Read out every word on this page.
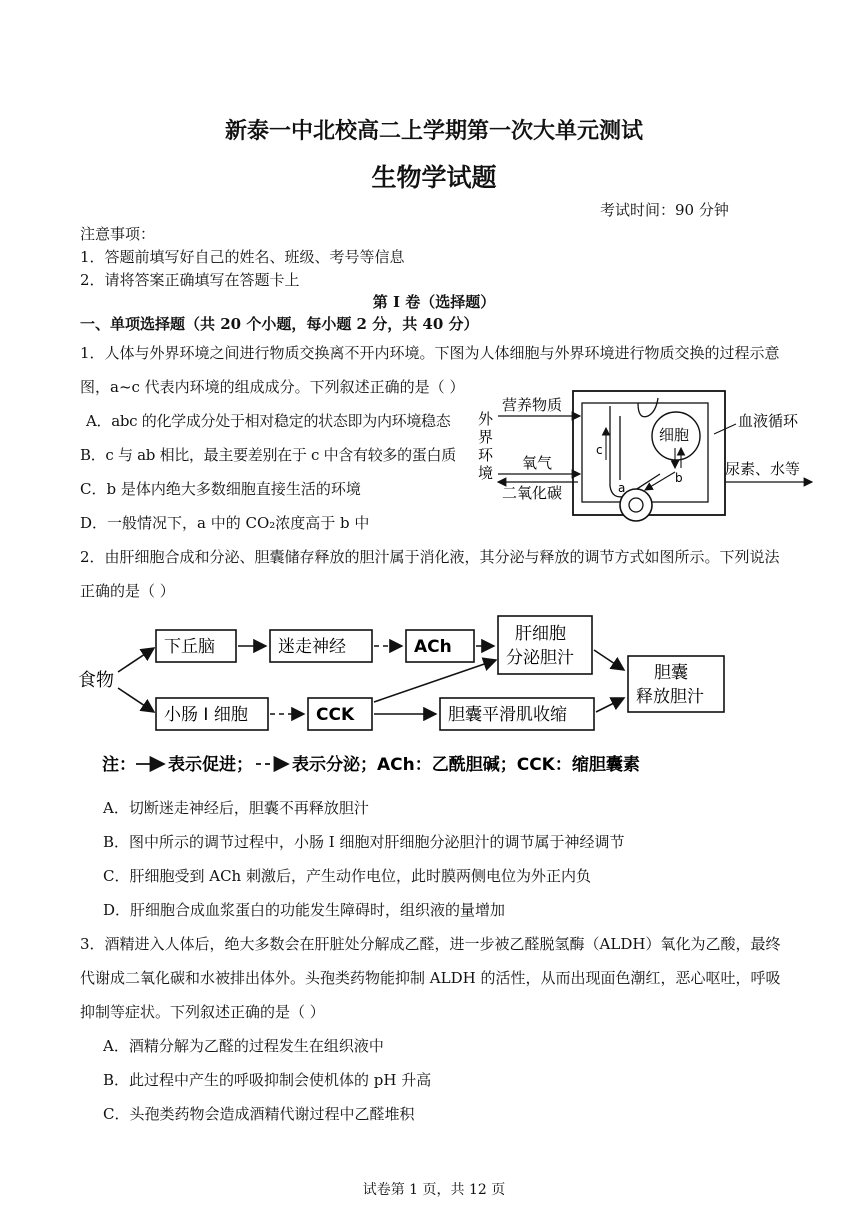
新泰一中北校高二上学期第一次大单元测试
生物学试题
考试时间：90 分钟
注意事项：
1．答题前填写好自己的姓名、班级、考号等信息
2．请将答案正确填写在答题卡上
第 I 卷（选择题）
一、单项选择题（共 20 个小题，每小题 2 分，共 40 分）
1．人体与外界环境之间进行物质交换离不开内环境。下图为人体细胞与外界环境进行物质交换的过程示意
图，a~c 代表内环境的组成成分。下列叙述正确的是（ ）
A．abc 的化学成分处于相对稳定的状态即为内环境稳态
B．c 与 ab 相比，最主要差别在于 c 中含有较多的蛋白质
C．b 是体内绝大多数细胞直接生活的环境
D．一般情况下，a 中的 CO₂浓度高于 b 中
c
细胞
b
a
外
界
环
境
营养物质
氧气
二氧化碳
血液循环
尿素、水等
2．由肝细胞合成和分泌、胆囊储存释放的胆汁属于消化液，其分泌与释放的调节方式如图所示。下列说法
正确的是（ ）
食物
下丘脑	迷走神经	ACh
肝细胞
分泌胆汁
胆囊
释放胆汁
小肠 I 细胞	CCK	胆囊平滑肌收缩
注： 表示促进； 表示分泌；ACh：乙酰胆碱；CCK：缩胆囊素
A．切断迷走神经后，胆囊不再释放胆汁
B．图中所示的调节过程中，小肠 I 细胞对肝细胞分泌胆汁的调节属于神经调节
C．肝细胞受到 ACh 刺激后，产生动作电位，此时膜两侧电位为外正内负
D．肝细胞合成血浆蛋白的功能发生障碍时，组织液的量增加
3．酒精进入人体后，绝大多数会在肝脏处分解成乙醛，进一步被乙醛脱氢酶（ALDH）氧化为乙酸，最终
代谢成二氧化碳和水被排出体外。头孢类药物能抑制 ALDH 的活性，从而出现面色潮红，恶心呕吐，呼吸
抑制等症状。下列叙述正确的是（ ）
A．酒精分解为乙醛的过程发生在组织液中
B．此过程中产生的呼吸抑制会使机体的 pH 升高
C．头孢类药物会造成酒精代谢过程中乙醛堆积
试卷第 1 页，共 12 页
